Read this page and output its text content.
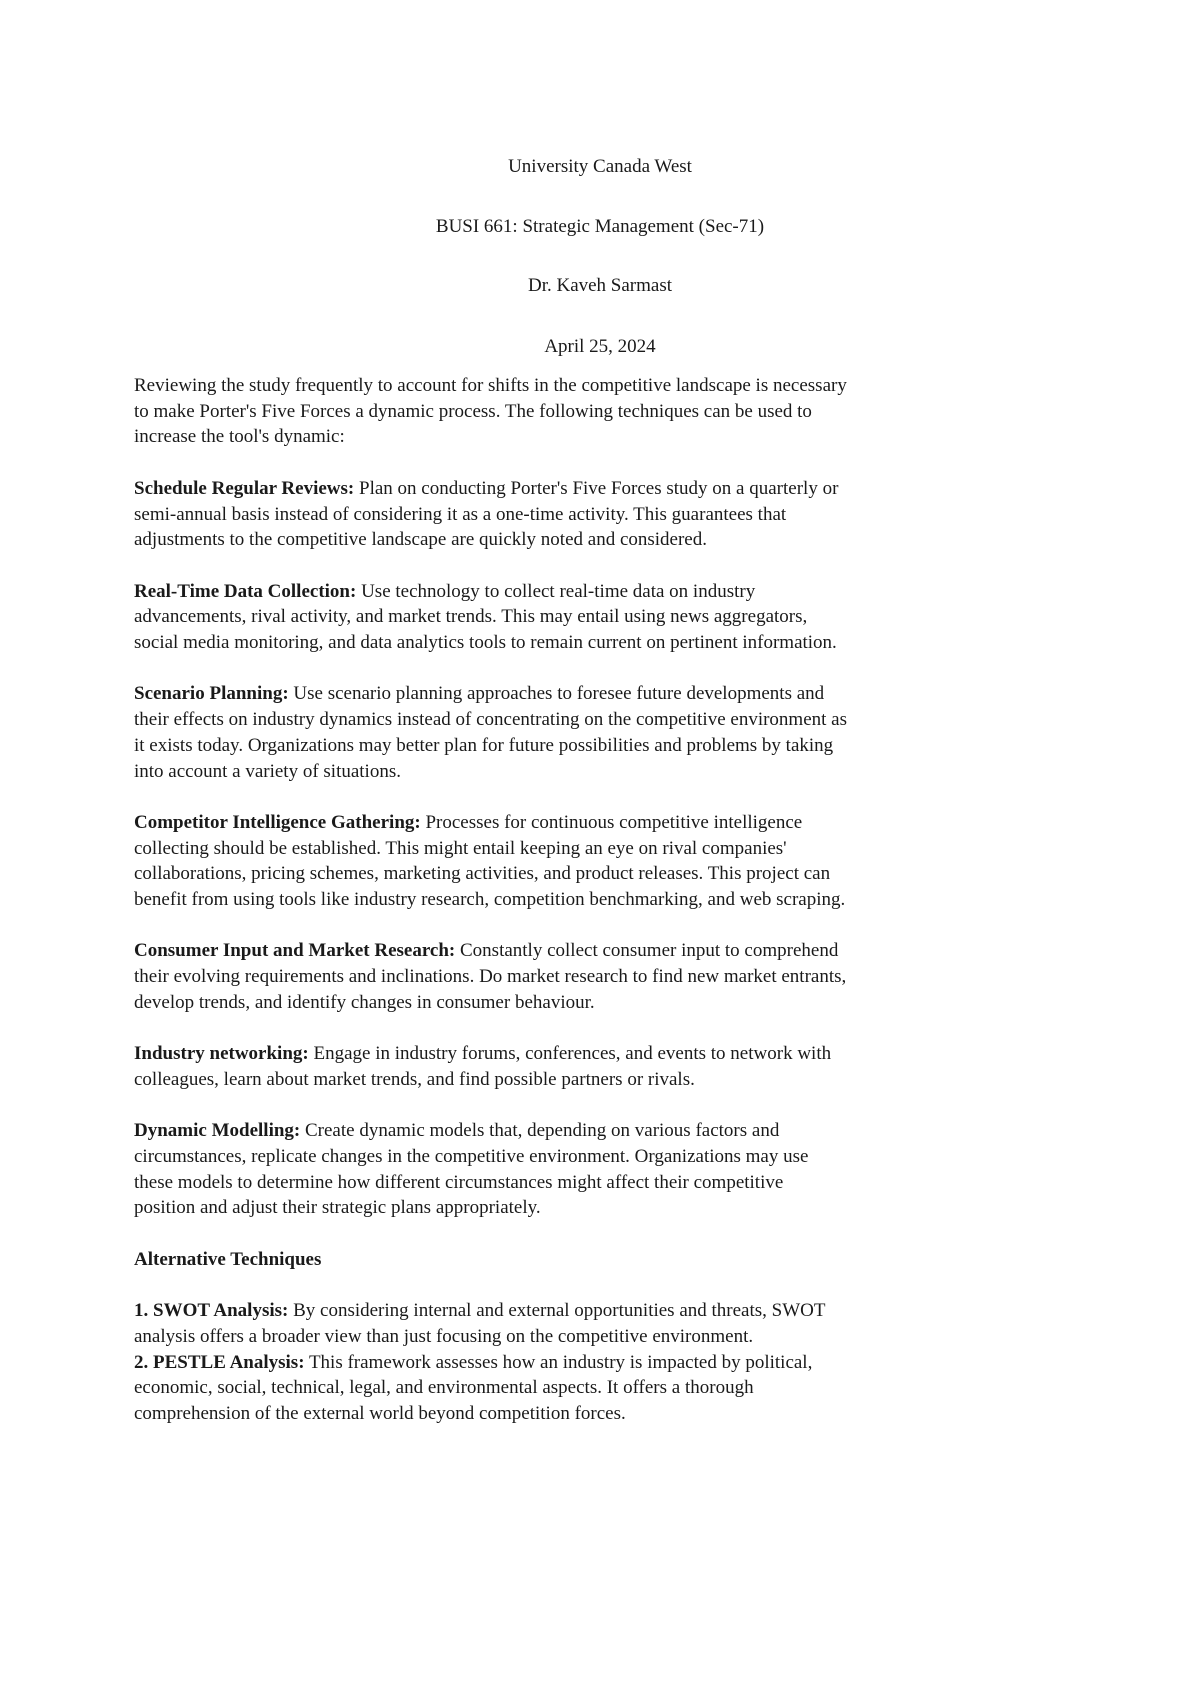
University Canada West
BUSI 661: Strategic Management (Sec-71)
Dr. Kaveh Sarmast
April 25, 2024
Reviewing the study frequently to account for shifts in the competitive landscape is necessary
to make Porter's Five Forces a dynamic process. The following techniques can be used to
increase the tool's dynamic:
Schedule Regular Reviews: Plan on conducting Porter's Five Forces study on a quarterly or
semi-annual basis instead of considering it as a one-time activity. This guarantees that
adjustments to the competitive landscape are quickly noted and considered.
Real-Time Data Collection: Use technology to collect real-time data on industry
advancements, rival activity, and market trends. This may entail using news aggregators,
social media monitoring, and data analytics tools to remain current on pertinent information.
Scenario Planning: Use scenario planning approaches to foresee future developments and
their effects on industry dynamics instead of concentrating on the competitive environment as
it exists today. Organizations may better plan for future possibilities and problems by taking
into account a variety of situations.
Competitor Intelligence Gathering: Processes for continuous competitive intelligence
collecting should be established. This might entail keeping an eye on rival companies'
collaborations, pricing schemes, marketing activities, and product releases. This project can
benefit from using tools like industry research, competition benchmarking, and web scraping.
Consumer Input and Market Research: Constantly collect consumer input to comprehend
their evolving requirements and inclinations. Do market research to find new market entrants,
develop trends, and identify changes in consumer behaviour.
Industry networking: Engage in industry forums, conferences, and events to network with
colleagues, learn about market trends, and find possible partners or rivals.
Dynamic Modelling: Create dynamic models that, depending on various factors and
circumstances, replicate changes in the competitive environment. Organizations may use
these models to determine how different circumstances might affect their competitive
position and adjust their strategic plans appropriately.
Alternative Techniques
1. SWOT Analysis: By considering internal and external opportunities and threats, SWOT
analysis offers a broader view than just focusing on the competitive environment.
2. PESTLE Analysis: This framework assesses how an industry is impacted by political,
economic, social, technical, legal, and environmental aspects. It offers a thorough
comprehension of the external world beyond competition forces.
